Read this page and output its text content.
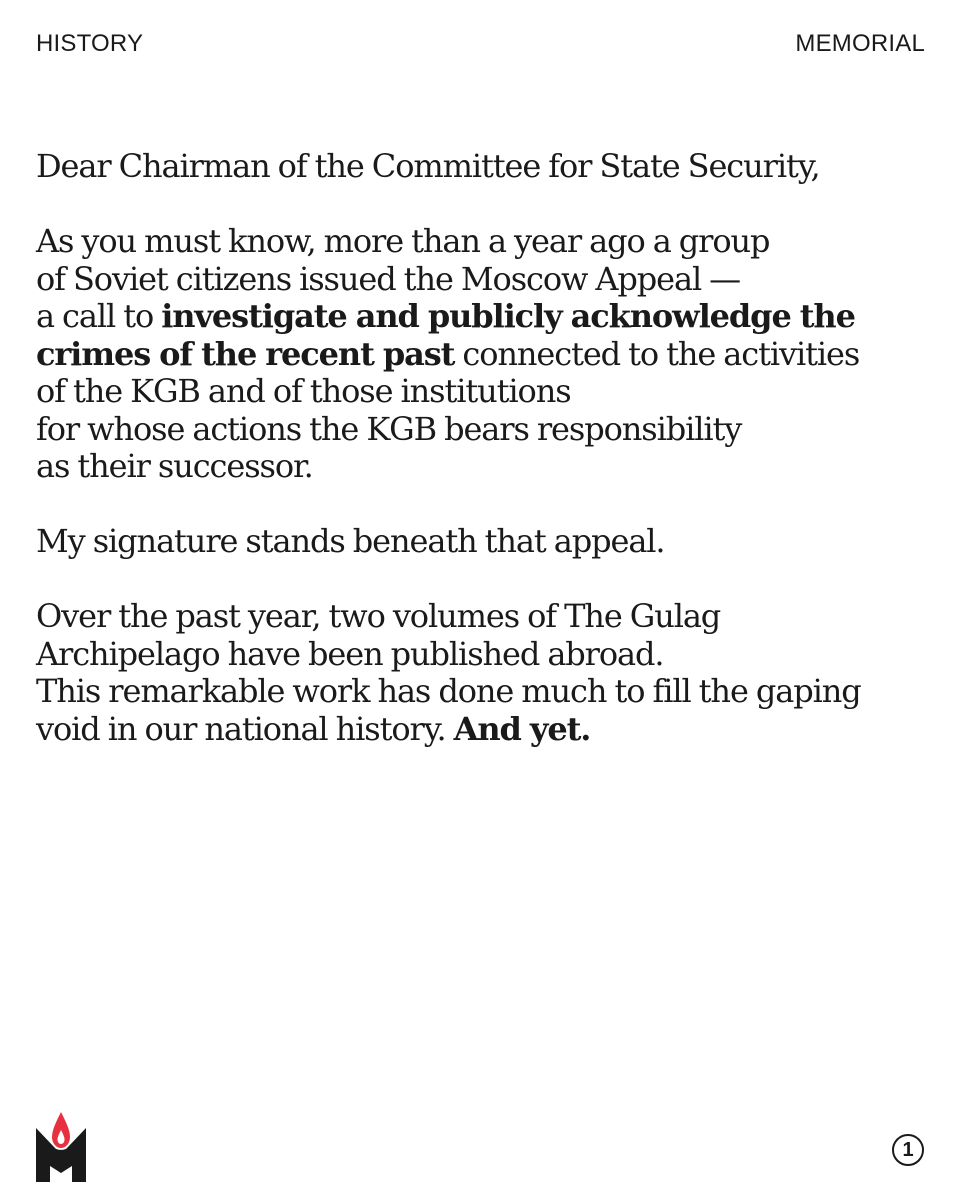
HISTORY	MEMORIAL

Dear Chairman of the Committee for State Security,

As you must know, more than a year ago a group
of Soviet citizens issued the Moscow Appeal —
a call to investigate and publicly acknowledge the
crimes of the recent past connected to the activities
of the KGB and of those institutions
for whose actions the KGB bears responsibility
as their successor.

My signature stands beneath that appeal.

Over the past year, two volumes of The Gulag
Archipelago have been published abroad.
This remarkable work has done much to fill the gaping
void in our national history. And yet.

1
